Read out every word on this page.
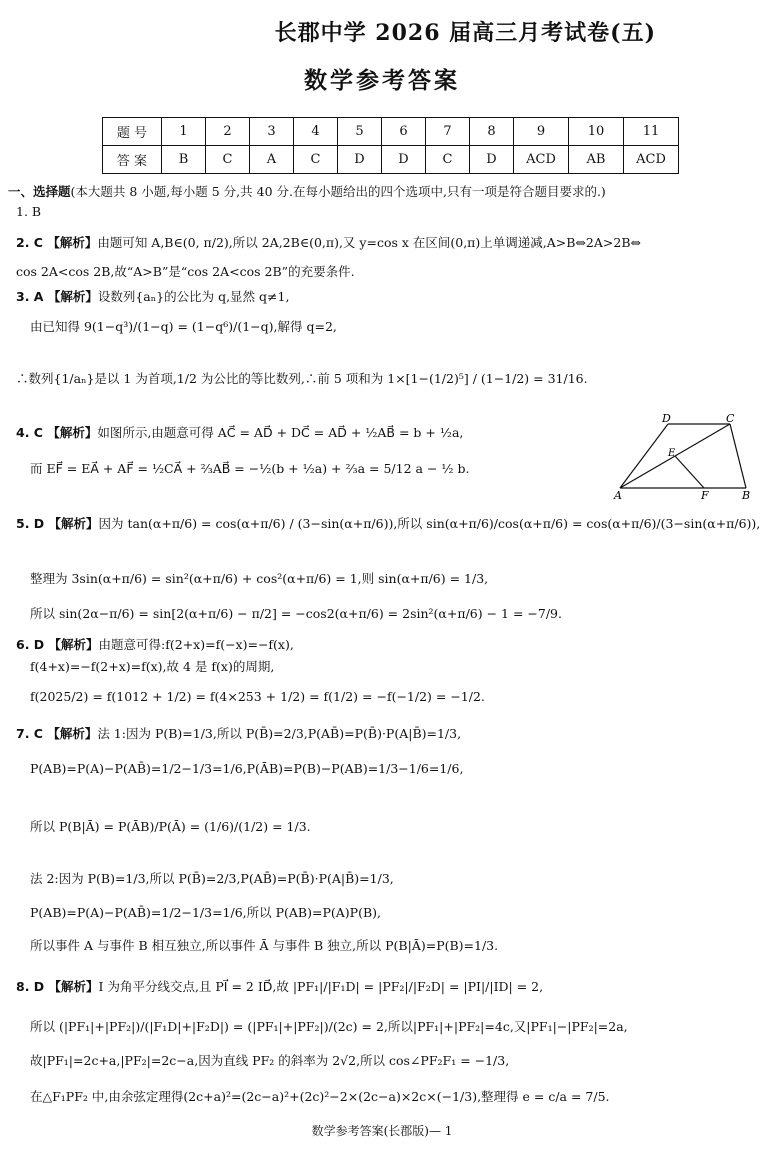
长郡中学 2026 届高三月考试卷(五)
数学参考答案
题 号	1	2	3	4	5	6	7	8	9	10	11
答 案	B	C	A	C	D	D	C	D	ACD	AB	ACD
一、选择题(本大题共 8 小题,每小题 5 分,共 40 分.在每小题给出的四个选项中,只有一项是符合题目要求的.)
1. B
2. C 【解析】由题可知 A,B∈(0, π/2),所以 2A,2B∈(0,π),又 y=cos x 在区间(0,π)上单调递减,A>B⇔2A>2B⇔
cos 2A<cos 2B,故“A>B”是“cos 2A<cos 2B”的充要条件.
3. A 【解析】设数列{aₙ}的公比为 q,显然 q≠1,
由已知得 9(1−q³)/(1−q) = (1−q⁶)/(1−q),解得 q=2,
∴数列{1/aₙ}是以 1 为首项,1/2 为公比的等比数列,∴前 5 项和为 1×[1−(1/2)⁵] / (1−1/2) = 31/16.
4. C 【解析】如图所示,由题意可得 AC⃗ = AD⃗ + DC⃗ = AD⃗ + ½AB⃗ = b + ½a,
而 EF⃗ = EA⃗ + AF⃗ = ½CA⃗ + ⅔AB⃗ = −½(b + ½a) + ⅔a = 5/12 a − ½ b.
5. D 【解析】因为 tan(α+π/6) = cos(α+π/6) / (3−sin(α+π/6)),所以 sin(α+π/6)/cos(α+π/6) = cos(α+π/6)/(3−sin(α+π/6)),
整理为 3sin(α+π/6) = sin²(α+π/6) + cos²(α+π/6) = 1,则 sin(α+π/6) = 1/3,
所以 sin(2α−π/6) = sin[2(α+π/6) − π/2] = −cos2(α+π/6) = 2sin²(α+π/6) − 1 = −7/9.
6. D 【解析】由题意可得:f(2+x)=f(−x)=−f(x),
f(4+x)=−f(2+x)=f(x),故 4 是 f(x)的周期,
f(2025/2) = f(1012 + 1/2) = f(4×253 + 1/2) = f(1/2) = −f(−1/2) = −1/2.
7. C 【解析】法 1:因为 P(B)=1/3,所以 P(B̄)=2/3,P(AB̄)=P(B̄)·P(A|B̄)=1/3,
P(AB)=P(A)−P(AB̄)=1/2−1/3=1/6,P(ĀB)=P(B)−P(AB)=1/3−1/6=1/6,
所以 P(B|Ā) = P(ĀB)/P(Ā) = (1/6)/(1/2) = 1/3.
法 2:因为 P(B)=1/3,所以 P(B̄)=2/3,P(AB̄)=P(B̄)·P(A|B̄)=1/3,
P(AB)=P(A)−P(AB̄)=1/2−1/3=1/6,所以 P(AB)=P(A)P(B),
所以事件 A 与事件 B 相互独立,所以事件 Ā 与事件 B 独立,所以 P(B|Ā)=P(B)=1/3.
8. D 【解析】I 为角平分线交点,且 PI⃗ = 2 ID⃗,故 |PF₁|/|F₁D| = |PF₂|/|F₂D| = |PI|/|ID| = 2,
所以 (|PF₁|+|PF₂|)/(|F₁D|+|F₂D|) = (|PF₁|+|PF₂|)/(2c) = 2,所以|PF₁|+|PF₂|=4c,又|PF₁|−|PF₂|=2a,
故|PF₁|=2c+a,|PF₂|=2c−a,因为直线 PF₂ 的斜率为 2√2,所以 cos∠PF₂F₁ = −1/3,
在△F₁PF₂ 中,由余弦定理得(2c+a)²=(2c−a)²+(2c)²−2×(2c−a)×2c×(−1/3),整理得 e = c/a = 7/5.
D	C
E
A	F	B
数学参考答案(长郡版)— 1
